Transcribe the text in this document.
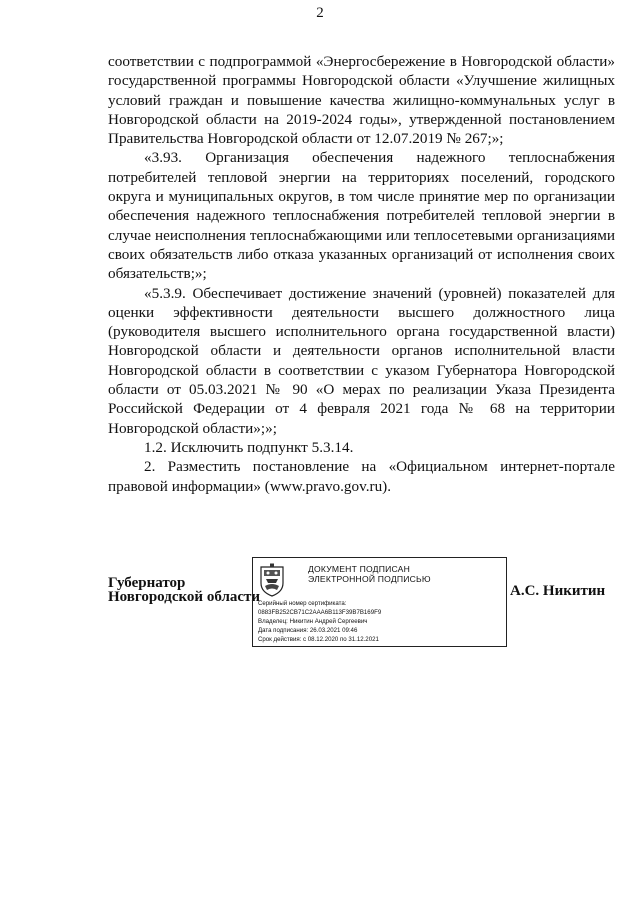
2

соответствии с подпрограммой «Энергосбережение в Новгородской области» государственной программы Новгородской области «Улучшение жилищных условий граждан и повышение качества жилищно-коммунальных услуг в Новгородской области на 2019-2024 годы», утвержденной постановлением Правительства Новгородской области от 12.07.2019 № 267;»;

«3.93. Организация обеспечения надежного теплоснабжения потребителей тепловой энергии на территориях поселений, городского округа и муниципальных округов, в том числе принятие мер по организации обеспечения надежного теплоснабжения потребителей тепловой энергии в случае неисполнения теплоснабжающими или теплосетевыми организациями своих обязательств либо отказа указанных организаций от исполнения своих обязательств;»;

«5.3.9. Обеспечивает достижение значений (уровней) показателей для оценки эффективности деятельности высшего должностного лица (руководителя высшего исполнительного органа государственной власти) Новгородской области и деятельности органов исполнительной власти Новгородской области в соответствии с указом Губернатора Новгородской области от 05.03.2021 № 90 «О мерах по реализации Указа Президента Российской Федерации от 4 февраля 2021 года № 68 на территории Новгородской области»;»;

1.2. Исключить подпункт 5.3.14.

2. Разместить постановление на «Официальном интернет-портале правовой информации» (www.pravo.gov.ru).

Губернатор
Новгородской области
ДОКУМЕНТ ПОДПИСАН
ЭЛЕКТРОННОЙ ПОДПИСЬЮ
Серийный номер сертификата:
0883FB252CB71C2AAA6B113F39B7B169F9
Владелец: Никитин Андрей Сергеевич
Дата подписания: 26.03.2021 09:46
Срок действия: с 08.12.2020 по 31.12.2021
А.С. Никитин
